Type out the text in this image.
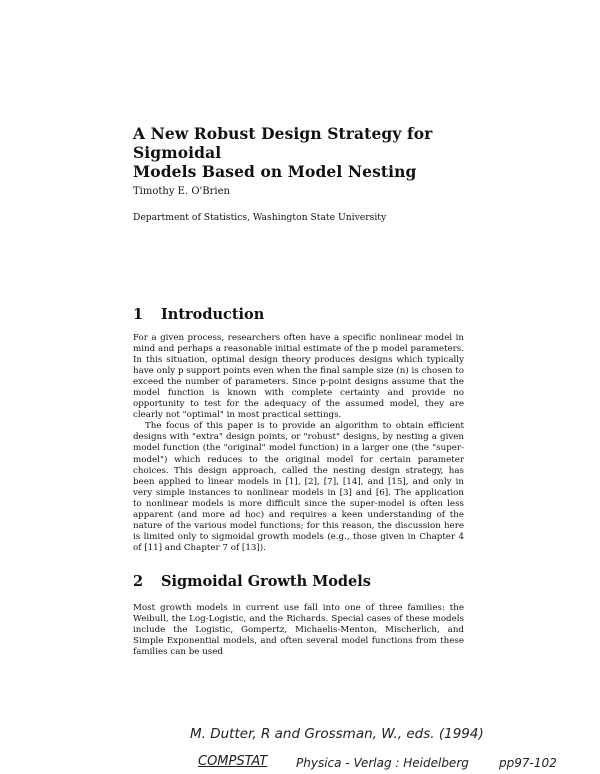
A New Robust Design Strategy for Sigmoidal
Models Based on Model Nesting
Timothy E. O'Brien
Department of Statistics, Washington State University
1 Introduction

For a given process, researchers often have a specific nonlinear model in mind and perhaps a reasonable initial estimate of the p model parameters. In this situation, optimal design theory produces designs which typically have only p support points even when the final sample size (n) is chosen to exceed the number of parameters. Since p-point designs assume that the model function is known with complete certainty and provide no opportunity to test for the adequacy of the assumed model, they are clearly not "optimal" in most practical settings.

The focus of this paper is to provide an algorithm to obtain efficient designs with "extra" design points, or "robust" designs, by nesting a given model function (the "original" model function) in a larger one (the "super-model") which reduces to the original model for certain parameter choices. This design approach, called the nesting design strategy, has been applied to linear models in [1], [2], [7], [14], and [15], and only in very simple instances to nonlinear models in [3] and [6]. The application to nonlinear models is more difficult since the super-model is often less apparent (and more ad hoc) and requires a keen understanding of the nature of the various model functions; for this reason, the discussion here is limited only to sigmoidal growth models (e.g., those given in Chapter 4 of [11] and Chapter 7 of [13]).

2 Sigmoidal Growth Models

Most growth models in current use fall into one of three families: the Weibull, the Log-Logistic, and the Richards. Special cases of these models include the Logistic, Gompertz, Michaelis-Menton, Mischerlich, and Simple Exponential models, and often several model functions from these families can be used

M. Dutter, R and Grossman, W., eds. (1994)
COMPSTAT Physica - Verlag : Heidelberg	pp97-102
